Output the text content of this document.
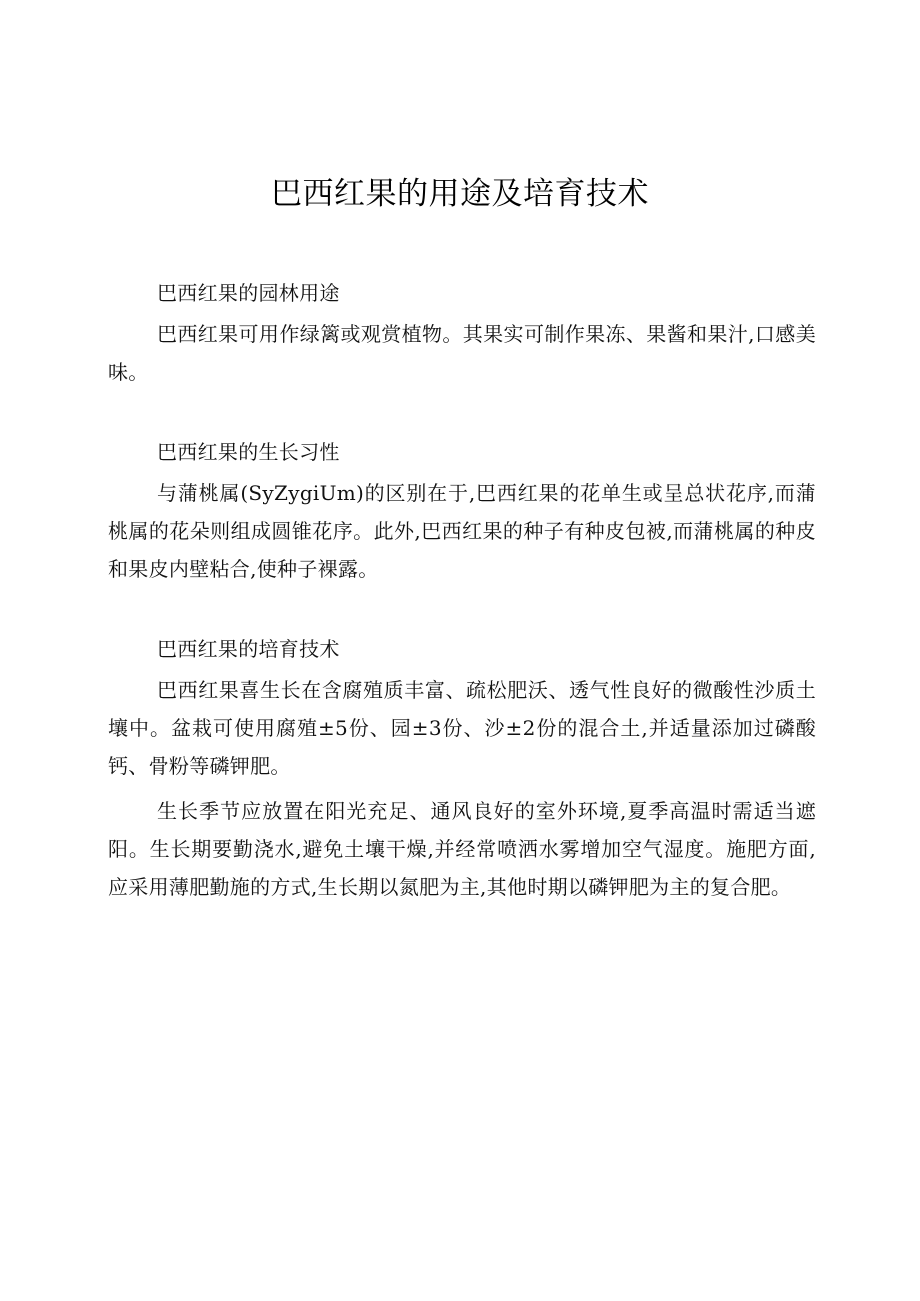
巴西红果的用途及培育技术

巴西红果的园林用途

巴西红果可用作绿篱或观赏植物。其果实可制作果冻、果酱和果汁,口感美味。

巴西红果的生长习性

与蒲桃属(SyZygiUm)的区别在于,巴西红果的花单生或呈总状花序,而蒲桃属的花朵则组成圆锥花序。此外,巴西红果的种子有种皮包被,而蒲桃属的种皮和果皮内壁粘合,使种子裸露。

巴西红果的培育技术

巴西红果喜生长在含腐殖质丰富、疏松肥沃、透气性良好的微酸性沙质土壤中。盆栽可使用腐殖±5份、园±3份、沙±2份的混合土,并适量添加过磷酸钙、骨粉等磷钾肥。

生长季节应放置在阳光充足、通风良好的室外环境,夏季高温时需适当遮阳。生长期要勤浇水,避免土壤干燥,并经常喷洒水雾增加空气湿度。施肥方面,应采用薄肥勤施的方式,生长期以氮肥为主,其他时期以磷钾肥为主的复合肥。
